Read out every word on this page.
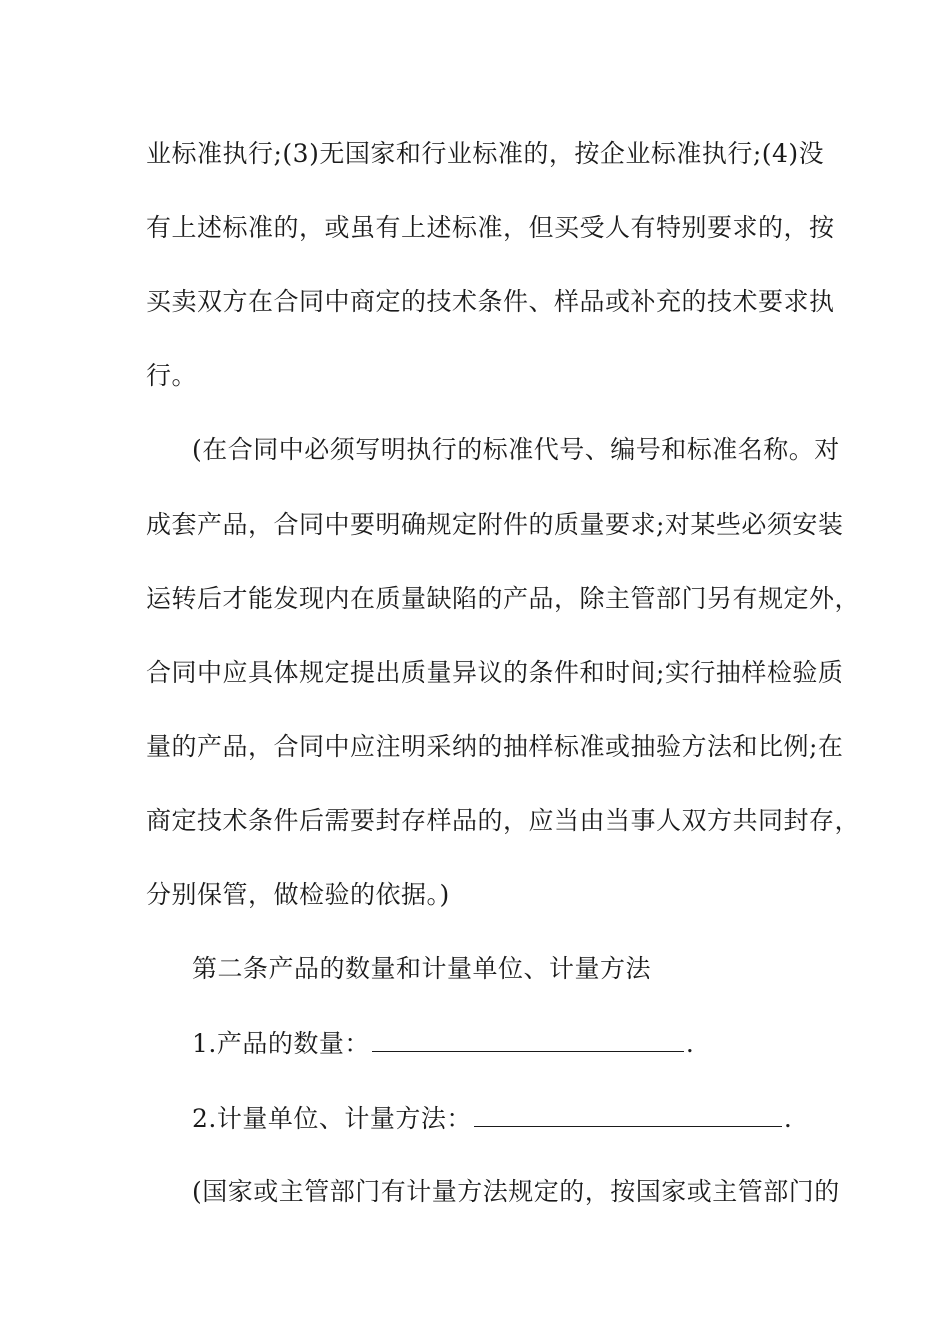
业标准执行;(3)无国家和行业标准的，按企业标准执行;(4)没
有上述标准的，或虽有上述标准，但买受人有特别要求的，按
买卖双方在合同中商定的技术条件、样品或补充的技术要求执
行。
(在合同中必须写明执行的标准代号、编号和标准名称。对
成套产品，合同中要明确规定附件的质量要求;对某些必须安装
运转后才能发现内在质量缺陷的产品，除主管部门另有规定外，
合同中应具体规定提出质量异议的条件和时间;实行抽样检验质
量的产品，合同中应注明采纳的抽样标准或抽验方法和比例;在
商定技术条件后需要封存样品的，应当由当事人双方共同封存，
分别保管，做检验的依据。)
第二条产品的数量和计量单位、计量方法
1.产品的数量：	.
2.计量单位、计量方法：	.
(国家或主管部门有计量方法规定的，按国家或主管部门的
